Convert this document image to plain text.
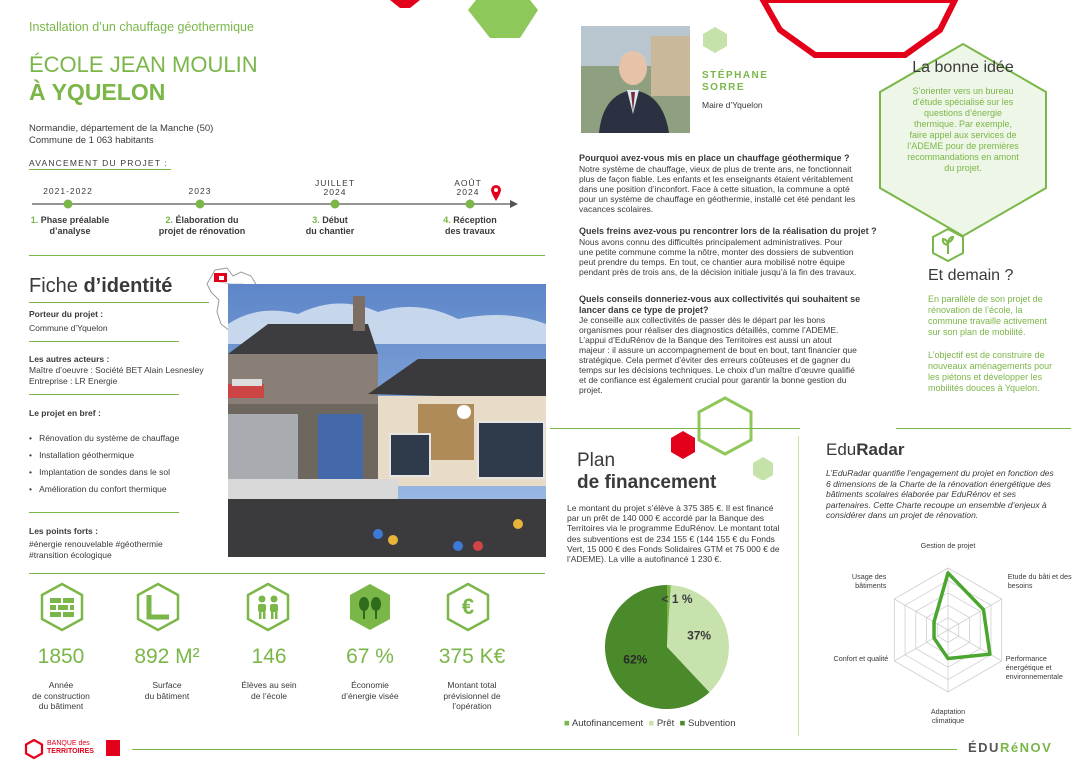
Installation d’un chauffage géothermique
ÉCOLE JEAN MOULIN
À YQUELON
Normandie, département de la Manche (50)
Commune de 1 063 habitants
AVANCEMENT DU PROJET :
2021-2022	2023
JUILLET
2024
AOÛT
2024
1. Phase préalable
d’analyse
2. Élaboration du
projet de rénovation
3. Début
du chantier
4. Réception
des travaux
Fiche d’identité
Porteur du projet :
Commune d’Yquelon
Les autres acteurs :
Maître d’oeuvre : Société BET Alain Lesnesley
Entreprise : LR Energie
Le projet en bref :
•   Rénovation du système de chauffage
•   Installation géothermique
•   Implantation de sondes dans le sol
•   Amélioration du confort thermique
Les points forts :
#énergie renouvelable #géothermie
#transition écologique
€
1850	892 M²	146	67 %	375 K€
Année
de construction
du bâtiment
Surface
du bâtiment
Élèves au sein
de l’école
Économie
d’énergie visée
Montant total
prévisionnel de
l’opération
STÉPHANE
SORRE
Maire d’Yquelon
Pourquoi avez-vous mis en place un chauffage géothermique ?
Notre système de chauffage, vieux de plus de trente ans, ne fonctionnait
plus de façon fiable. Les enfants et les enseignants étaient véritablement
dans une position d’inconfort. Face à cette situation, la commune a opté
pour un système de chauffage en géothermie, installé cet été pendant les
vacances scolaires.
Quels freins avez-vous pu rencontrer lors de la réalisation du projet ?
Nous avons connu des difficultés principalement administratives. Pour
une petite commune comme la nôtre, monter des dossiers de subvention
peut prendre du temps. En tout, ce chantier aura mobilisé notre équipe
pendant près de trois ans, de la décision initiale jusqu’à la fin des travaux.
Quels conseils donneriez-vous aux collectivités qui souhaitent se lancer dans ce type de projet?
Je conseille aux collectivités de passer dès le départ par les bons
organismes pour réaliser des diagnostics détaillés, comme l’ADEME.
L’appui d’EduRénov de la Banque des Territoires est aussi un atout
majeur : il assure un accompagnement de bout en bout, tant financier que
stratégique. Cela permet d’éviter des erreurs coûteuses et de gagner du
temps sur les décisions techniques. Le choix d’un maître d’œuvre qualifié
et de confiance est également crucial pour garantir la bonne gestion du
projet.
La bonne idée
S’orienter vers un bureau
d’étude spécialisé sur les
questions d’énergie
thermique. Par exemple,
faire appel aux services de
l’ADEME pour de premières
recommandations en amont
du projet.
Et demain ?
En parallèle de son projet de
rénovation de l’école, la
commune travaille activement
sur son plan de mobilité.
L’objectif est de construire de
nouveaux aménagements pour
les piétons et développer les
mobilités douces à Yquelon.
Plan
de financement
Le montant du projet s’élève à 375 385 €. Il est financé
par un prêt de 140 000 € accordé par la Banque des
Territoires via le programme EduRénov. Le montant total
des subventions est de 234 155 € (144 155 € du Fonds
Vert, 15 000 € des Fonds Solidaires GTM et 75 000 € de
l’ADEME). La ville a autofinancé 1 230 €.
< 1 %
37%
62%
■ Autofinancement ■ Prêt ■ Subvention
EduRadar
L’EduRadar quantifie l’engagement du projet en fonction des
6 dimensions de la Charte de la rénovation énergétique des
bâtiments scolaires élaborée par EduRénov et ses
partenaires. Cette Charte recoupe un ensemble d’enjeux à
considérer dans un projet de rénovation.
Gestion de projet
Etude du bâti et des besoins
Performance énergétique et environnementale
Adaptation climatique
Confort et qualité
Usage des bâtiments
BANQUE des
TERRITOIRES	ÉDURéNOV
